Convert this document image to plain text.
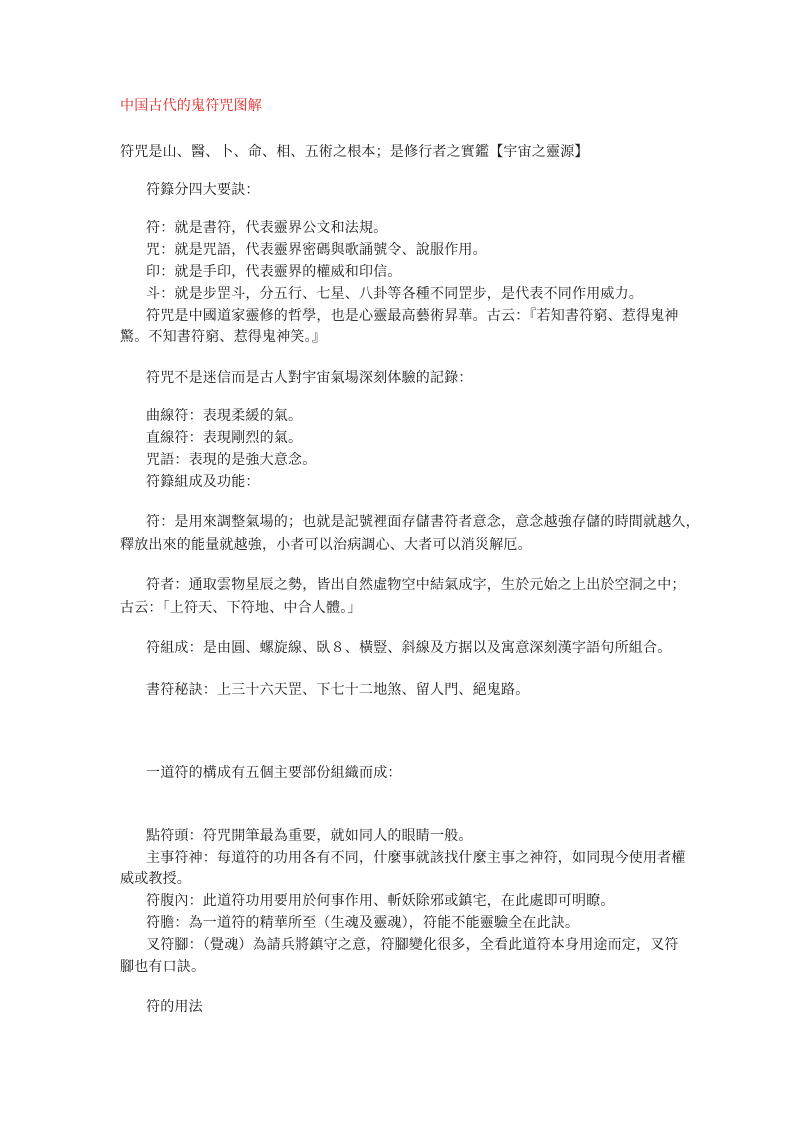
中国古代的鬼符咒图解
符咒是山、醫、卜、命、相、五術之根本；是修行者之實鑑【宇宙之靈源】
符籙分四大要訣：
符：就是書符，代表靈界公文和法規。
咒：就是咒語，代表靈界密碼與歌誦號令、說服作用。
印：就是手印，代表靈界的權威和印信。
斗：就是步罡斗，分五行、七星、八卦等各種不同罡步，是代表不同作用威力。
符咒是中國道家靈修的哲學，也是心靈最高藝術昇華。古云：『若知書符窮、惹得鬼神
驚。不知書符窮、惹得鬼神笑。』
符咒不是迷信而是古人對宇宙氣場深刻体驗的記錄：
曲線符：表現柔緩的氣。
直線符：表現剛烈的氣。
咒語：表現的是強大意念。
符籙組成及功能：
符：是用來調整氣場的；也就是記號裡面存儲書符者意念，意念越強存儲的時間就越久，
釋放出來的能量就越強，小者可以治病調心、大者可以消災解厄。
符者：通取雲物星辰之勢，皆出自然虛物空中結氣成字，生於元始之上出於空洞之中；
古云：「上符天、下符地、中合人體。」
符組成：是由圓、螺旋線、臥８、橫豎、斜線及方据以及寓意深刻漢字語句所組合。
書符秘訣：上三十六天罡、下七十二地煞、留人門、絕鬼路。
一道符的構成有五個主要部份組織而成：
點符頭：符咒開筆最為重要，就如同人的眼睛一般。
主事符神：每道符的功用各有不同，什麼事就該找什麼主事之神符，如同現今使用者權
威或教授。
符腹內：此道符功用要用於何事作用、斬妖除邪或鎮宅，在此處即可明瞭。
符膽：為一道符的精華所至（生魂及靈魂），符能不能靈驗全在此訣。
叉符腳：（覺魂）為請兵將鎮守之意，符腳變化很多，全看此道符本身用途而定，叉符
腳也有口訣。
符的用法
